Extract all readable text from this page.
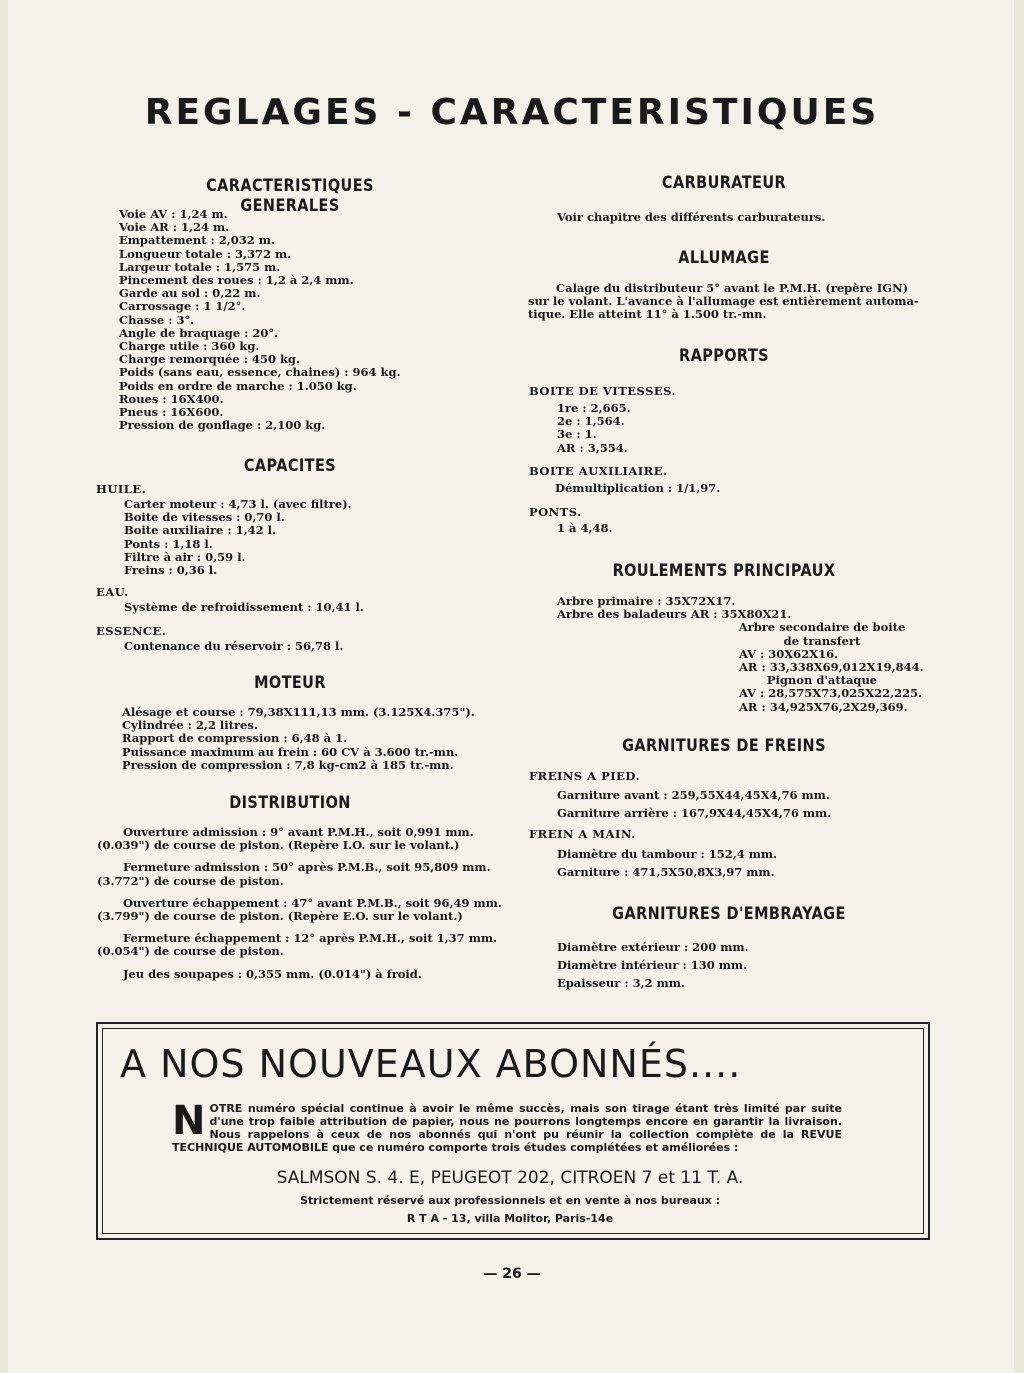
REGLAGES - CARACTERISTIQUES
CARACTERISTIQUES GENERALES
Voie AV : 1,24 m.
Voie AR : 1,24 m.
Empattement : 2,032 m.
Longueur totale : 3,372 m.
Largeur totale : 1,575 m.
Pincement des roues : 1,2 à 2,4 mm.
Garde au sol : 0,22 m.
Carrossage : 1 1/2°.
Chasse : 3°.
Angle de braquage : 20°.
Charge utile : 360 kg.
Charge remorquée : 450 kg.
Poids (sans eau, essence, chaines) : 964 kg.
Poids en ordre de marche : 1.050 kg.
Roues : 16X400.
Pneus : 16X600.
Pression de gonflage : 2,100 kg.
CAPACITES
HUILE.
Carter moteur : 4,73 l. (avec filtre).
Boite de vitesses : 0,70 l.
Boite auxiliaire : 1,42 l.
Ponts : 1,18 l.
Filtre à air : 0,59 l.
Freins : 0,36 l.
EAU.
Système de refroidissement : 10,41 l.
ESSENCE.
Contenance du réservoir : 56,78 l.
MOTEUR
Alésage et course : 79,38X111,13 mm. (3.125X4.375").
Cylindrée : 2,2 litres.
Rapport de compression : 6,48 à 1.
Puissance maximum au frein : 60 CV à 3.600 tr.-mn.
Pression de compression : 7,8 kg-cm2 à 185 tr.-mn.
DISTRIBUTION
Ouverture admission : 9° avant P.M.H., soit 0,991 mm.
(0.039") de course de piston. (Repère I.O. sur le volant.)
Fermeture admission : 50° après P.M.B., soit 95,809 mm.
(3.772") de course de piston.
Ouverture échappement : 47° avant P.M.B., soit 96,49 mm.
(3.799") de course de piston. (Repère E.O. sur le volant.)
Fermeture échappement : 12° après P.M.H., soit 1,37 mm.
(0.054") de course de piston.
Jeu des soupapes : 0,355 mm. (0.014") à froid.
CARBURATEUR
Voir chapitre des différents carburateurs.
ALLUMAGE
Calage du distributeur 5° avant le P.M.H. (repère IGN)
sur le volant. L'avance à l'allumage est entièrement automa-
tique. Elle atteint 11° à 1.500 tr.-mn.
RAPPORTS
BOITE DE VITESSES.
1re : 2,665.
2e : 1,564.
3e : 1.
AR : 3,554.
BOITE AUXILIAIRE.
Démultiplication : 1/1,97.
PONTS.
1 à 4,48.
ROULEMENTS PRINCIPAUX
Arbre primaire : 35X72X17.
Arbre des baladeurs AR : 35X80X21.
Arbre secondaire de boite
de transfert
AV : 30X62X16.
AR : 33,338X69,012X19,844.
Pignon d'attaque
AV : 28,575X73,025X22,225.
AR : 34,925X76,2X29,369.
GARNITURES DE FREINS
FREINS A PIED.
Garniture avant : 259,55X44,45X4,76 mm.
Garniture arrière : 167,9X44,45X4,76 mm.
FREIN A MAIN.
Diamètre du tambour : 152,4 mm.
Garniture : 471,5X50,8X3,97 mm.
GARNITURES D'EMBRAYAGE
Diamètre extérieur : 200 mm.
Diamètre intérieur : 130 mm.
Epaisseur : 3,2 mm.
A NOS NOUVEAUX ABONNÉS....
N OTRE numéro spécial continue à avoir le même succès, mais son tirage étant très limité par suite d'une trop faible attribution de papier, nous ne pourrons longtemps encore en garantir la livraison. Nous rappelons à ceux de nos abonnés qui n'ont pu réunir la collection complète de la REVUE TECHNIQUE AUTOMOBILE que ce numéro comporte trois études complétées et améliorées :
SALMSON S. 4. E, PEUGEOT 202, CITROEN 7 et 11 T. A.
Strictement réservé aux professionnels et en vente à nos bureaux :
R T A - 13, villa Molitor, Paris-14e
— 26 —
